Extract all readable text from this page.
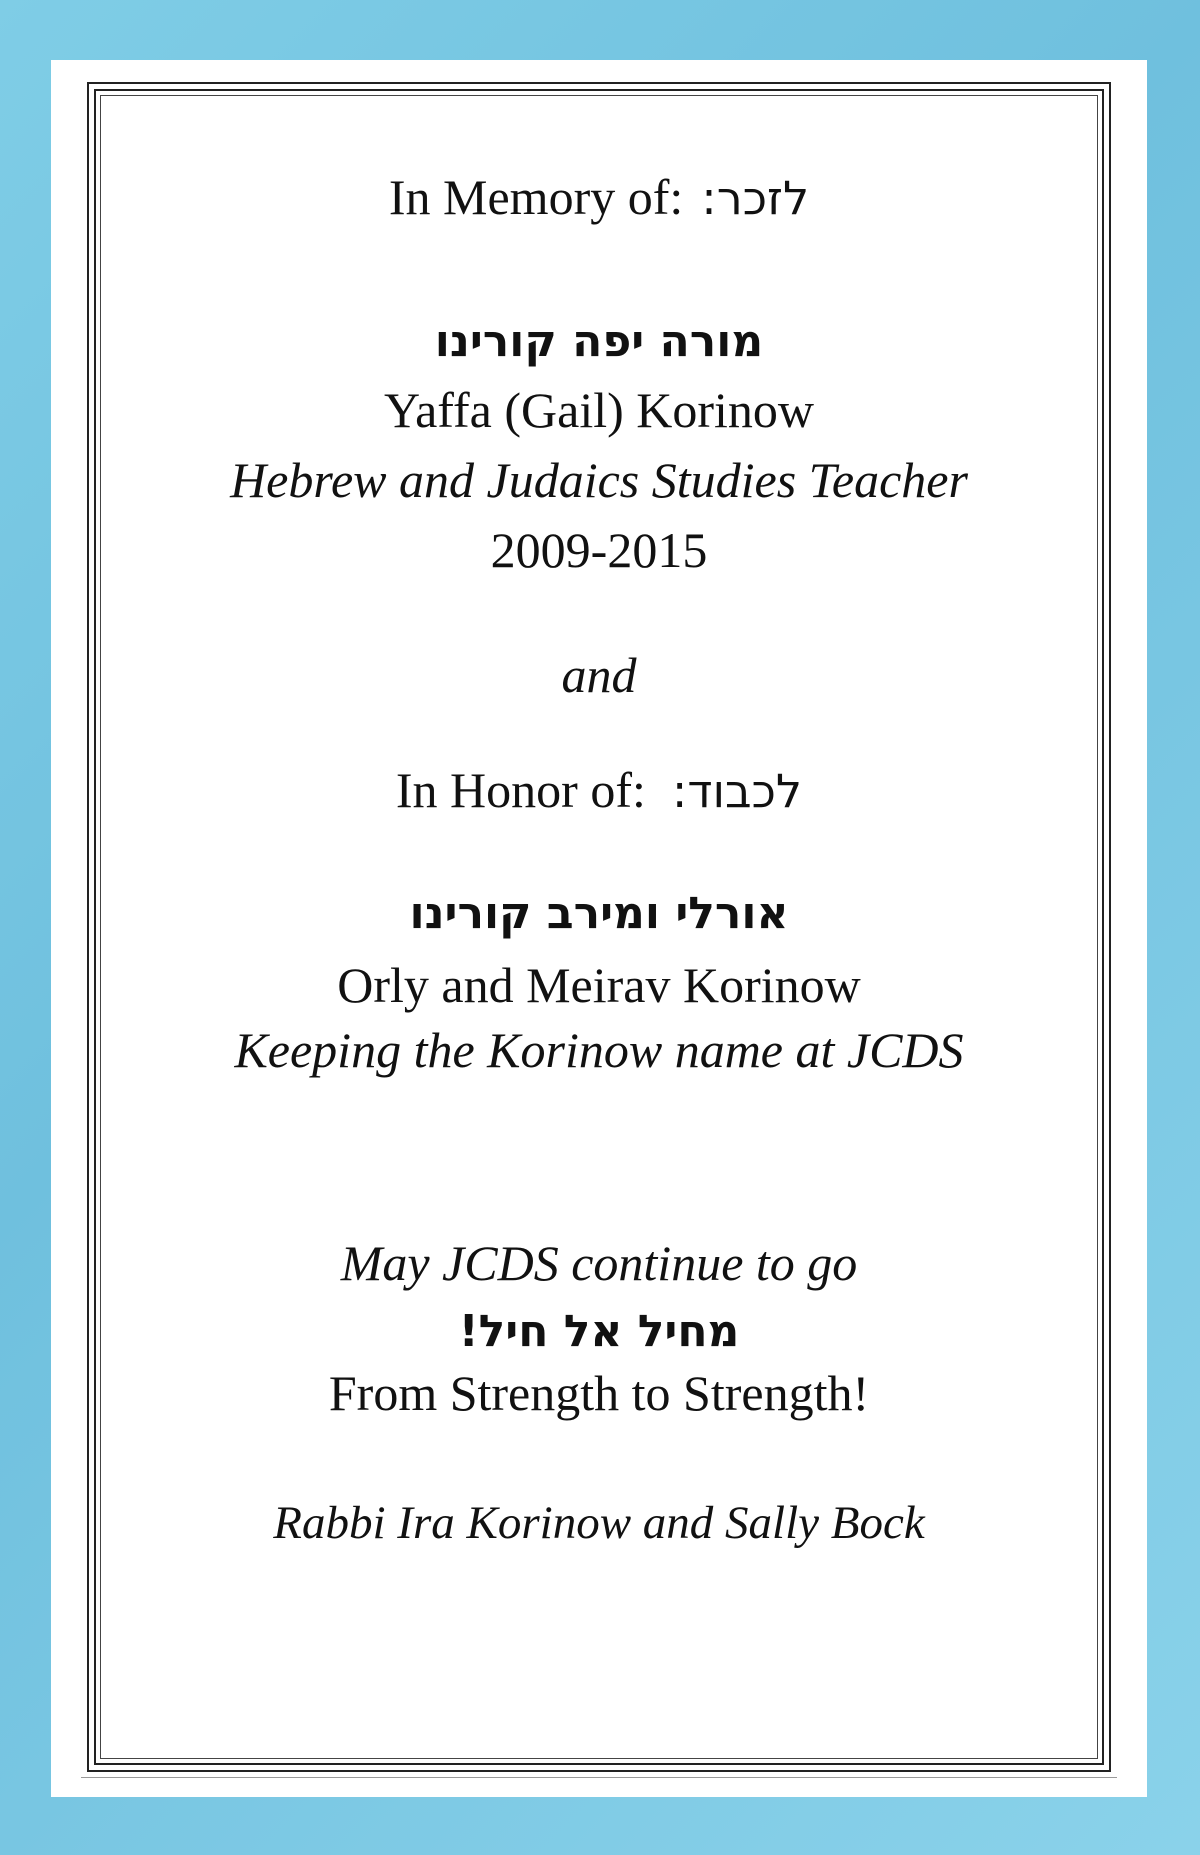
In Memory of: לזכר:
מורה יפה קורינו
Yaffa (Gail) Korinow
Hebrew and Judaics Studies Teacher
2009-2015
and
In Honor of: לכבוד:
אורלי ומירב קורינו
Orly and Meirav Korinow
Keeping the Korinow name at JCDS
May JCDS continue to go
מחיל אל חיל!
From Strength to Strength!
Rabbi Ira Korinow and Sally Bock
